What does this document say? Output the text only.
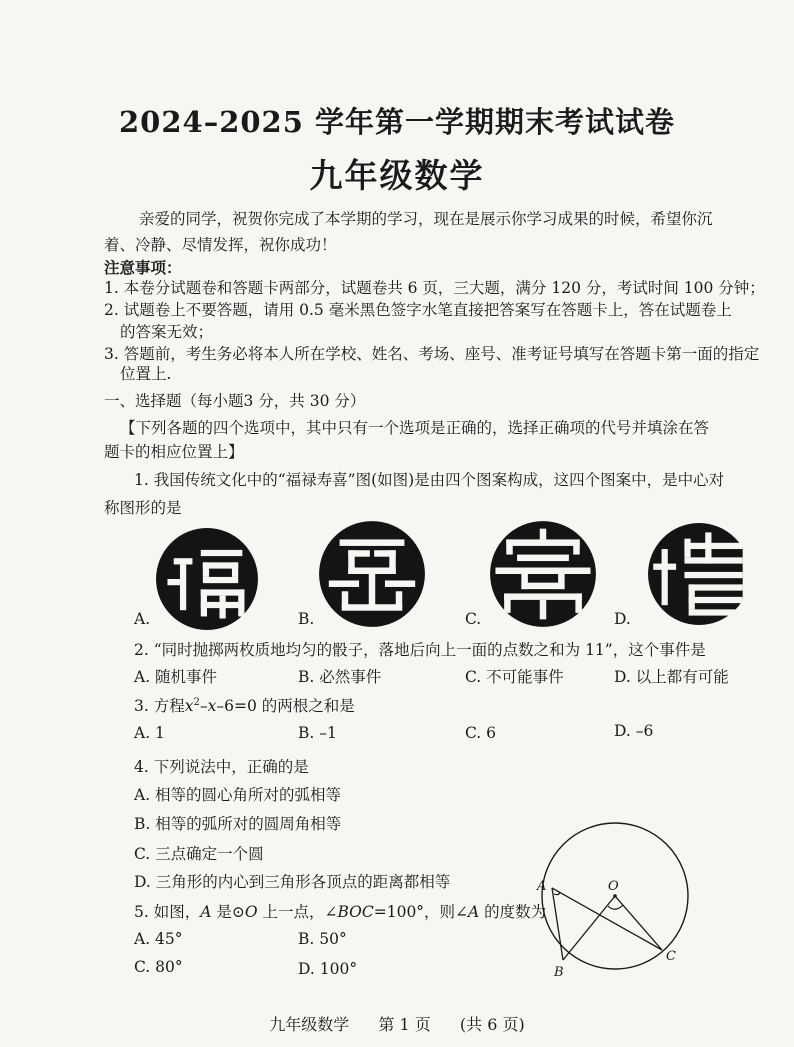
2024–2025 学年第一学期期末考试试卷
九年级数学
亲爱的同学，祝贺你完成了本学期的学习，现在是展示你学习成果的时候，希望你沉
着、冷静、尽情发挥，祝你成功！
注意事项：
1. 本卷分试题卷和答题卡两部分，试题卷共 6 页，三大题，满分 120 分，考试时间 100 分钟；
2. 试题卷上不要答题，请用 0.5 毫米黑色签字水笔直接把答案写在答题卡上，答在试题卷上
的答案无效；
3. 答题前，考生务必将本人所在学校、姓名、考场、座号、准考证号填写在答题卡第一面的指定
位置上.
一、选择题（每小题3 分，共 30 分）
【下列各题的四个选项中，其中只有一个选项是正确的，选择正确项的代号并填涂在答
题卡的相应位置上】
1. 我国传统文化中的“福禄寿喜”图(如图)是由四个图案构成，这四个图案中，是中心对
称图形的是
A.	B.	C.	D.
2. “同时抛掷两枚质地均匀的骰子，落地后向上一面的点数之和为 11”，这个事件是
A. 随机事件	B. 必然事件	C. 不可能事件	D. 以上都有可能
3. 方程$x^2-x-6=0$ 的两根之和是
A. 1	B. –1	C. 6	D. –6
4. 下列说法中，正确的是
A. 相等的圆心角所对的弧相等
B. 相等的弧所对的圆周角相等
C. 三点确定一个圆
D. 三角形的内心到三角形各顶点的距离都相等
5. 如图，A 是⊙O 上一点，∠BOC=100°，则∠A 的度数为
A. 45°	B. 50°
C. 80°	D. 100°
A	O
B
C
九年级数学 第 1 页 (共 6 页)
